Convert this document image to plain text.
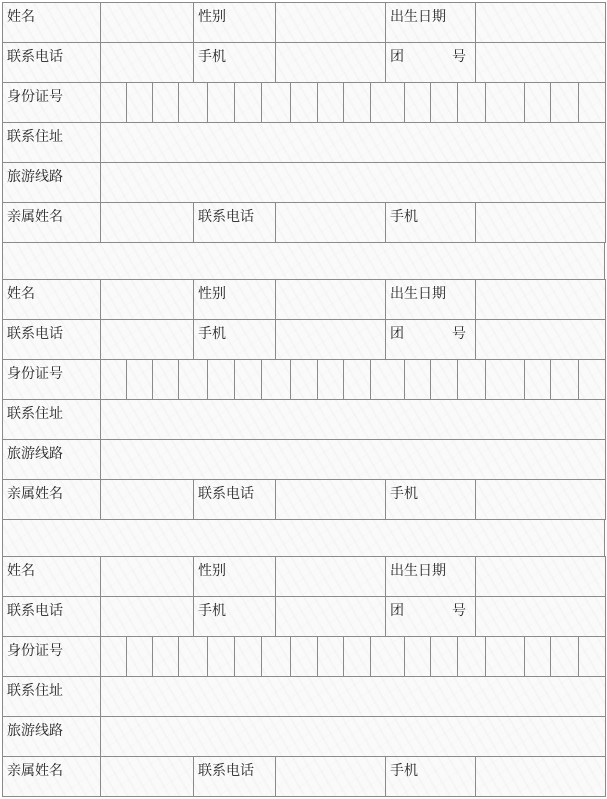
姓名	性别	出生日期
联系电话	手机	团	号
身份证号
联系住址
旅游线路
亲属姓名	联系电话	手机
姓名	性别	出生日期
联系电话	手机	团	号
身份证号
联系住址
旅游线路
亲属姓名	联系电话	手机
姓名	性别	出生日期
联系电话	手机	团	号
身份证号
联系住址
旅游线路
亲属姓名	联系电话	手机
